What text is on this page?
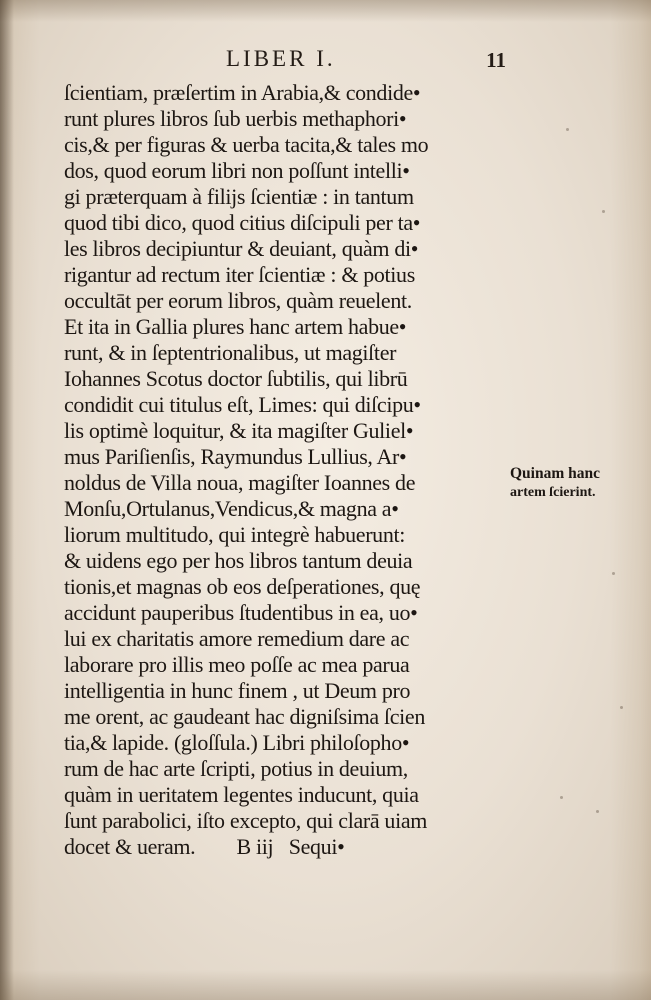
LIBER I.	11
ſcientiam, præſertim in Arabia,& condide•
runt plures libros ſub uerbis methaphori•
cis,& per figuras & uerba tacita,& tales mo
dos, quod eorum libri non poſſunt intelli•
gi præterquam à filijs ſcientiæ : in tantum
quod tibi dico, quod citius diſcipuli per ta•
les libros decipiuntur & deuiant, quàm di•
rigantur ad rectum iter ſcientiæ : & potius
occultāt per eorum libros, quàm reuelent.
Et ita in Gallia plures hanc artem habue•
runt, & in ſeptentrionalibus, ut magiſter
Iohannes Scotus doctor ſubtilis, qui librū
condidit cui titulus eſt, Limes: qui diſcipu•
lis optimè loquitur, & ita magiſter Guliel•
mus Pariſienſis, Raymundus Lullius, Ar•
noldus de Villa noua, magiſter Ioannes de
Monſu,Ortulanus,Vendicus,& magna a•
liorum multitudo, qui integrè habuerunt:
& uidens ego per hos libros tantum deuia
tionis,et magnas ob eos deſperationes, quę
accidunt pauperibus ſtudentibus in ea, uo•
lui ex charitatis amore remedium dare ac
laborare pro illis meo poſſe ac mea parua
intelligentia in hunc finem , ut Deum pro
me orent, ac gaudeant hac digniſsima ſcien
tia,& lapide. (gloſſula.) Libri philoſopho•
rum de hac arte ſcripti, potius in deuium,
quàm in ueritatem legentes inducunt, quia
ſunt parabolici, iſto excepto, qui clarā uiam
docet & ueram.        B iij   Sequi•
Quinam hanc
artem ſcierint.
